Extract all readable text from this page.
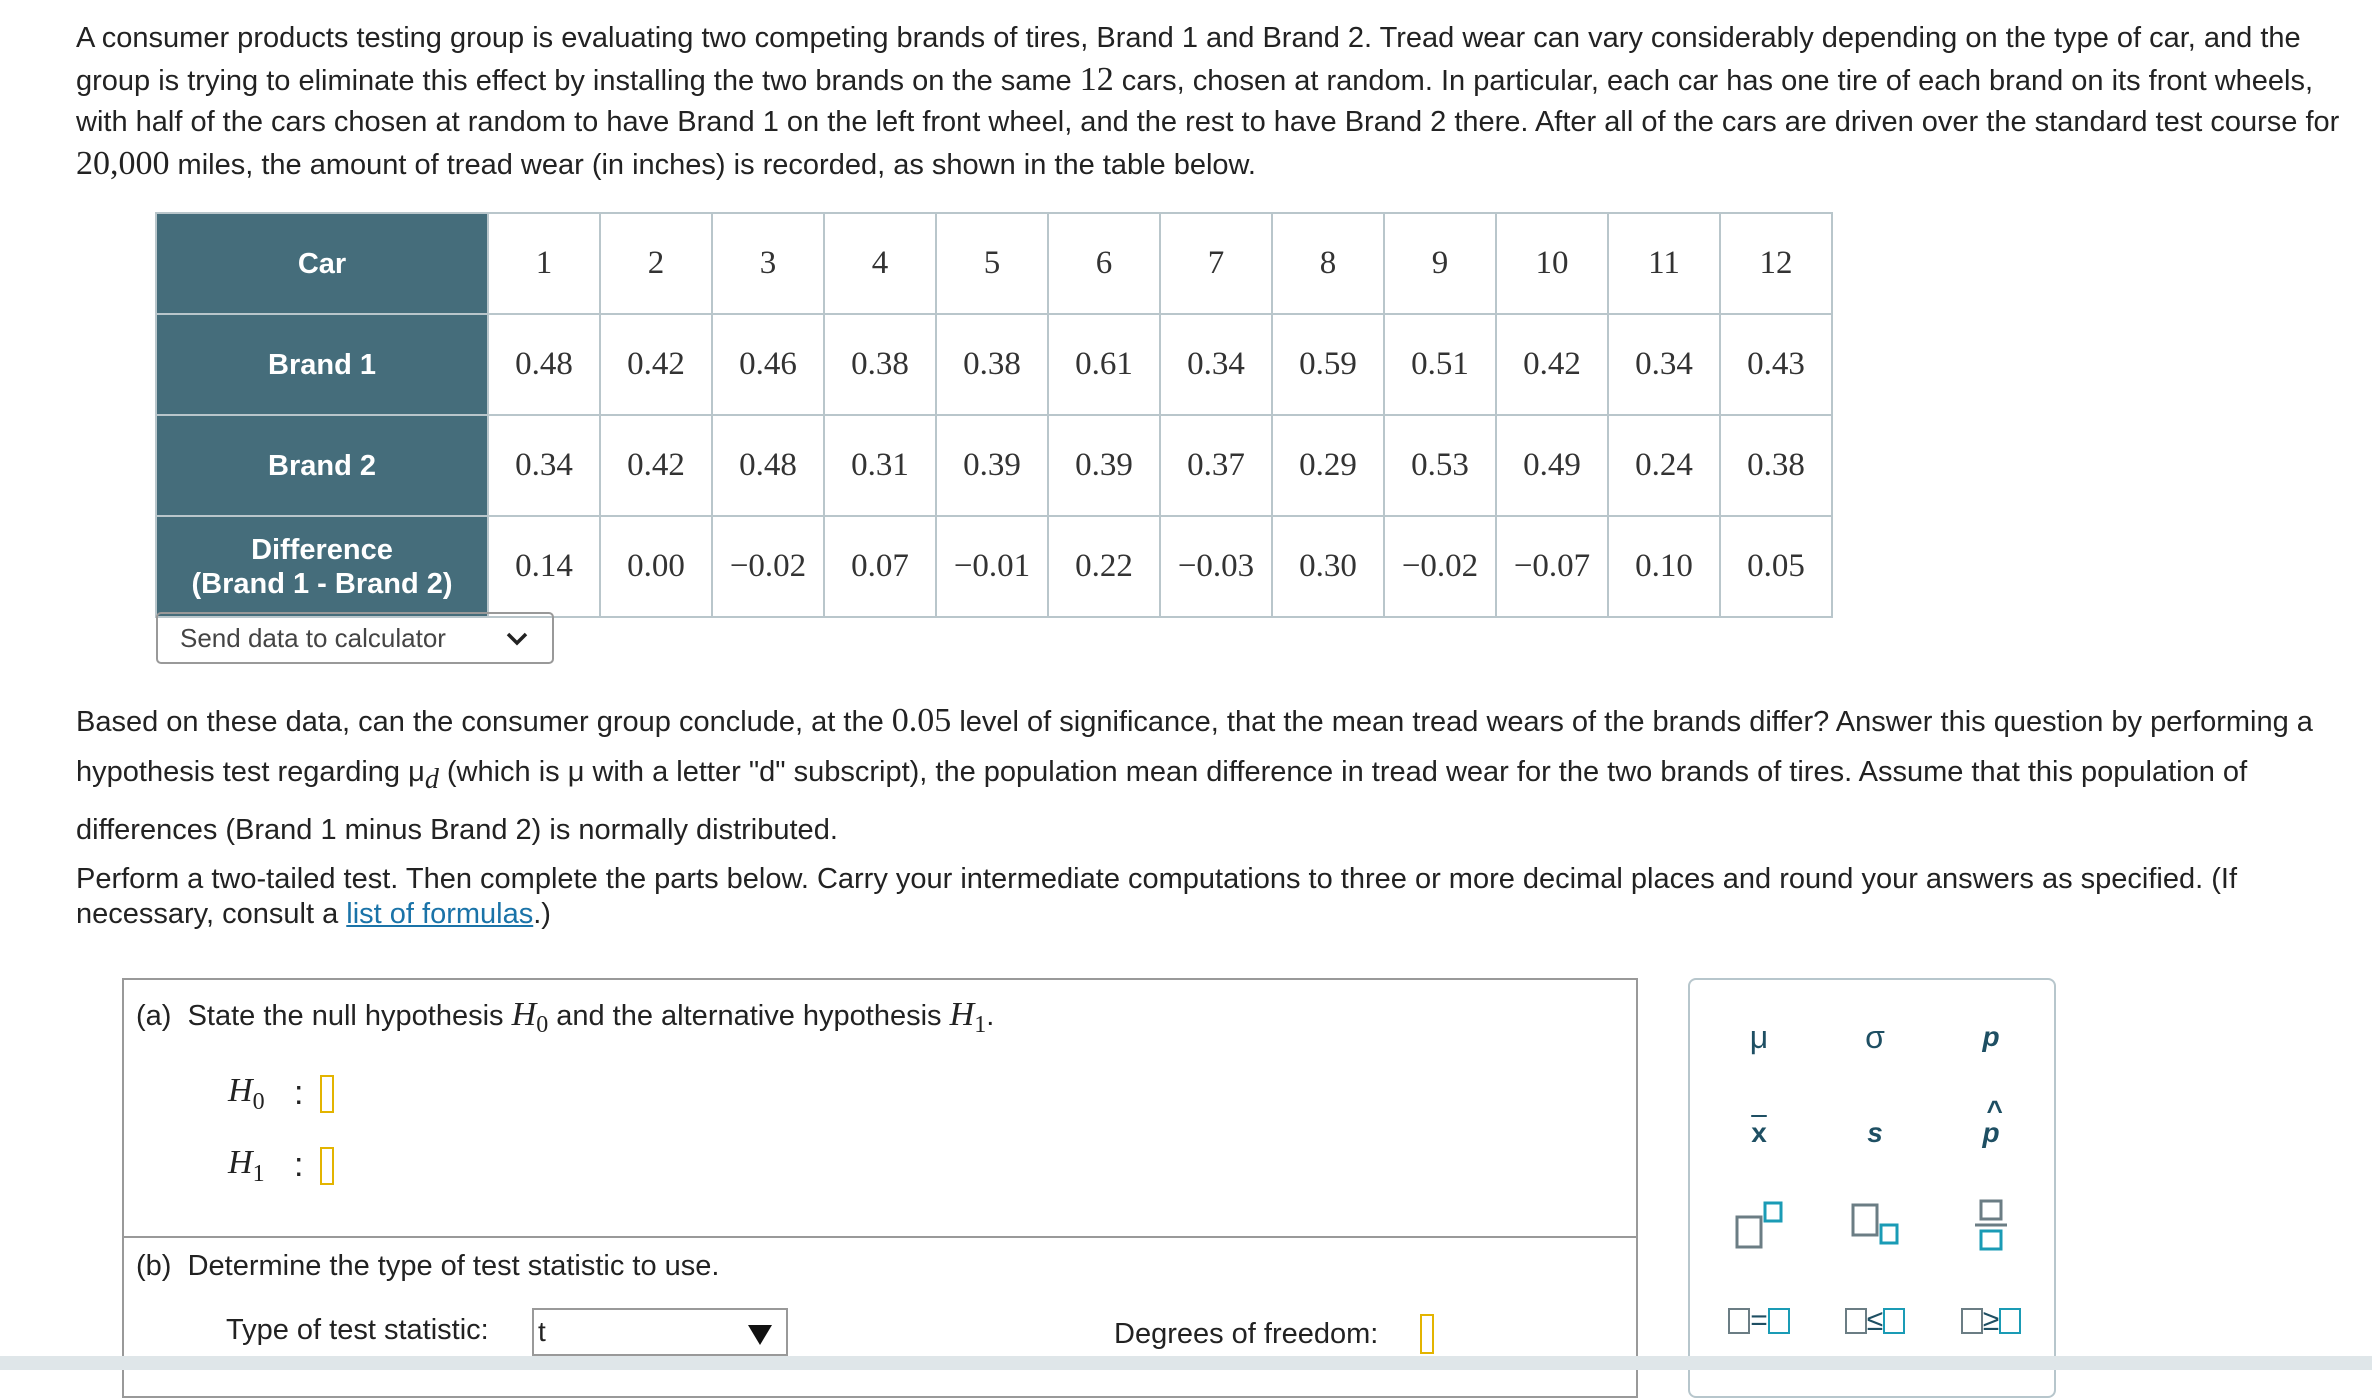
A consumer products testing group is evaluating two competing brands of tires, Brand 1 and Brand 2. Tread wear can vary considerably depending on the type of car, and the group is trying to eliminate this effect by installing the two brands on the same 12 cars, chosen at random. In particular, each car has one tire of each brand on its front wheels, with half of the cars chosen at random to have Brand 1 on the left front wheel, and the rest to have Brand 2 there. After all of the cars are driven over the standard test course for 20,000 miles, the amount of tread wear (in inches) is recorded, as shown in the table below.
Car	1	2	3	4	5	6	7	8	9	10	11	12
Brand 1	0.48	0.42	0.46	0.38	0.38	0.61	0.34	0.59	0.51	0.42	0.34	0.43
Brand 2	0.34	0.42	0.48	0.31	0.39	0.39	0.37	0.29	0.53	0.49	0.24	0.38
Difference
(Brand 1 - Brand 2)	0.14	0.00	−0.02	0.07	−0.01	0.22	−0.03	0.30	−0.02	−0.07	0.10	0.05
Send data to calculator
Based on these data, can the consumer group conclude, at the 0.05 level of significance, that the mean tread wears of the brands differ? Answer this question by performing a hypothesis test regarding $\mu_d$ (which is μ with a letter "d" subscript), the population mean difference in tread wear for the two brands of tires. Assume that this population of differences (Brand 1 minus Brand 2) is normally distributed.
Perform a two-tailed test. Then complete the parts below. Carry your intermediate computations to three or more decimal places and round your answers as specified. (If necessary, consult a list of formulas.)
(a) State the null hypothesis $H_0$ and the alternative hypothesis $H_1$.
$H_0$ :
$H_1$ :
(b) Determine the type of test statistic to use.
Type of test statistic: t	Degrees of freedom:
μ	σ	p
$\overline{x}$	s
^
p
=	≤	≥
